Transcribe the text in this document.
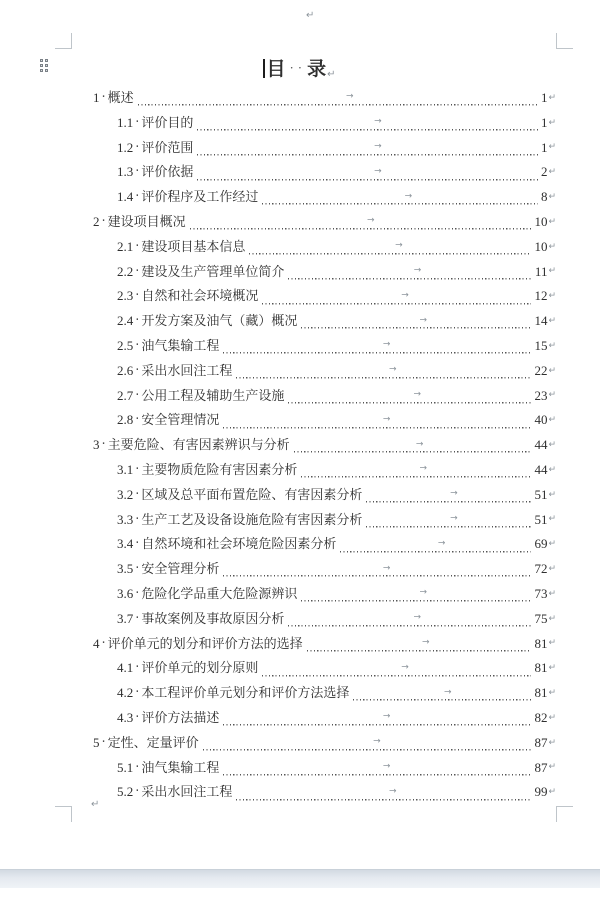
↵
目 ··录↵
1 · 概述	→	1 ↵
1.1 · 评价目的	→	1 ↵
1.2 · 评价范围	→	1 ↵
1.3 · 评价依据	→	2 ↵
1.4 · 评价程序及工作经过	→	8 ↵
2 · 建设项目概况	→	10 ↵
2.1 · 建设项目基本信息	→	10 ↵
2.2 · 建设及生产管理单位简介	→	11 ↵
2.3 · 自然和社会环境概况	→	12 ↵
2.4 · 开发方案及油气（藏）概况	→	14 ↵
2.5 · 油气集输工程	→	15 ↵
2.6 · 采出水回注工程	→	22 ↵
2.7 · 公用工程及辅助生产设施	→	23 ↵
2.8 · 安全管理情况	→	40 ↵
3 · 主要危险、有害因素辨识与分析	→	44 ↵
3.1 · 主要物质危险有害因素分析	→	44 ↵
3.2 · 区域及总平面布置危险、有害因素分析	→	51 ↵
3.3 · 生产工艺及设备设施危险有害因素分析	→	51 ↵
3.4 · 自然环境和社会环境危险因素分析	→	69 ↵
3.5 · 安全管理分析	→	72 ↵
3.6 · 危险化学品重大危险源辨识	→	73 ↵
3.7 · 事故案例及事故原因分析	→	75 ↵
4 · 评价单元的划分和评价方法的选择	→	81 ↵
4.1 · 评价单元的划分原则	→	81 ↵
4.2 · 本工程评价单元划分和评价方法选择	→	81 ↵
4.3 · 评价方法描述	→	82 ↵
5 · 定性、定量评价	→	87 ↵
5.1 · 油气集输工程	→	87 ↵
5.2 · 采出水回注工程	→	99 ↵
↵
